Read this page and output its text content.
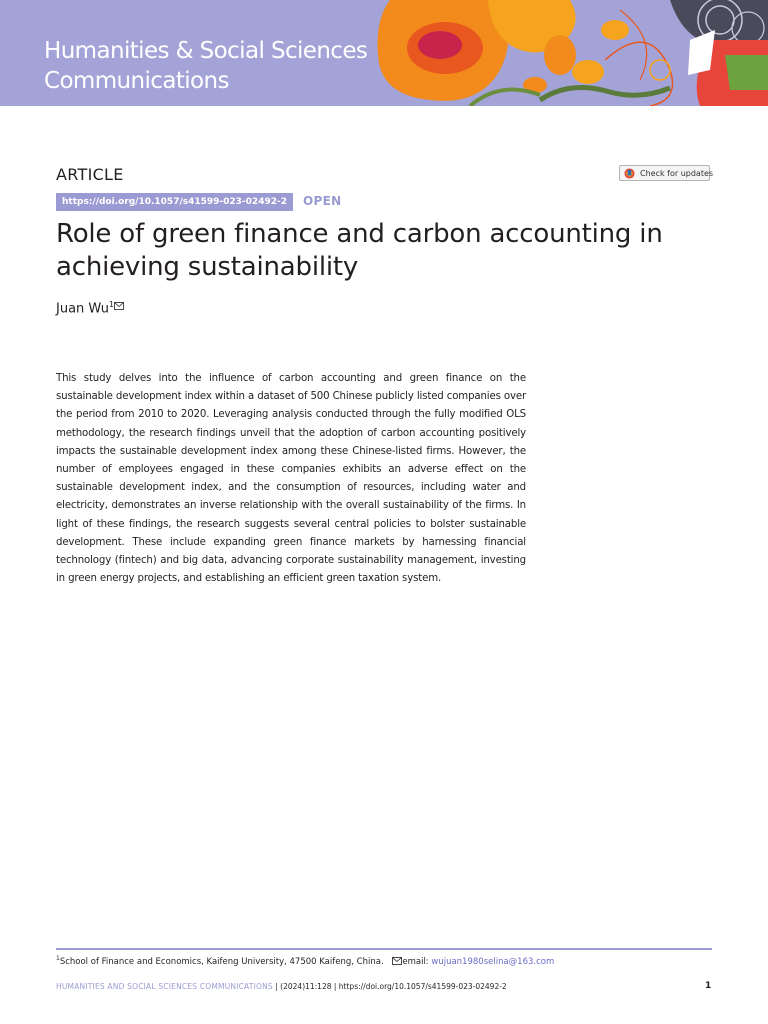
Humanities & Social Sciences
Communications
ARTICLE
https://doi.org/10.1057/s41599-023-02492-2	OPEN
Check for updates
Role of green finance and carbon accounting in achieving sustainability
Juan Wu$^1$

This study delves into the influence of carbon accounting and green finance on the sustainable development index within a dataset of 500 Chinese publicly listed companies over the period from 2010 to 2020. Leveraging analysis conducted through the fully modified OLS methodology, the research findings unveil that the adoption of carbon accounting positively impacts the sustainable development index among these Chinese-listed firms. However, the number of employees engaged in these companies exhibits an adverse effect on the sustainable development index, and the consumption of resources, including water and electricity, demonstrates an inverse relationship with the overall sustainability of the firms. In light of these findings, the research suggests several central policies to bolster sustainable development. These include expanding green finance markets by harnessing financial technology (fintech) and big data, advancing corporate sustainability management, investing in green energy projects, and establishing an efficient green taxation system.

$^1$School of Finance and Economics, Kaifeng University, 47500 Kaifeng, China. email: wujuan1980selina@163.com
HUMANITIES AND SOCIAL SCIENCES COMMUNICATIONS | (2024)11:128 | https://doi.org/10.1057/s41599-023-02492-2	1
